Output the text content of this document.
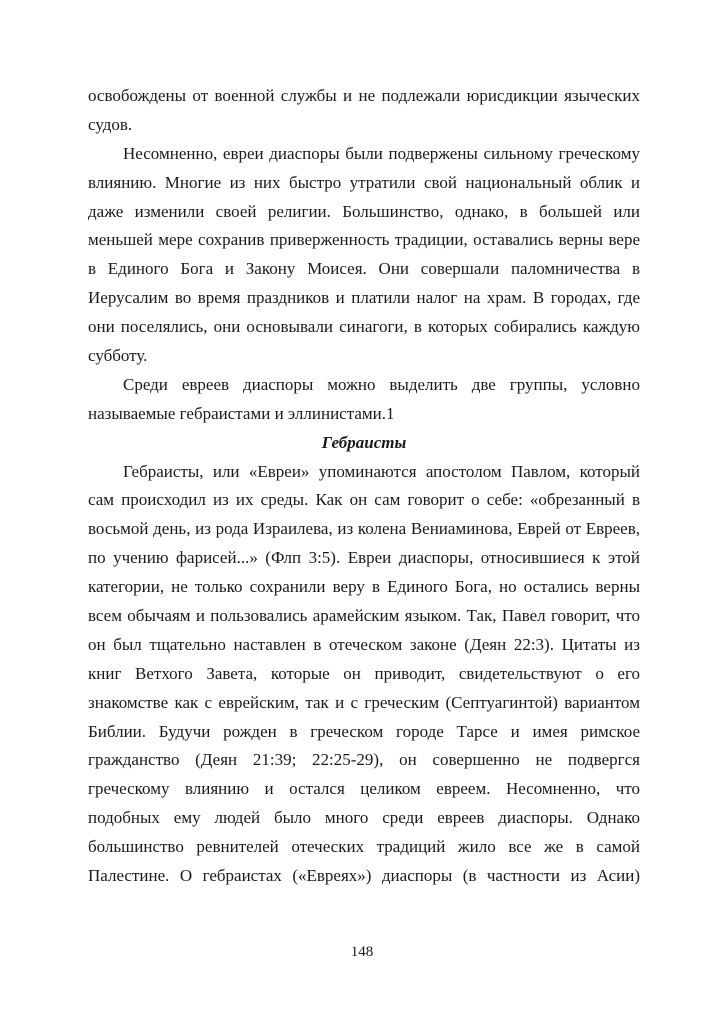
освобождены от военной службы и не подлежали юрисдикции языческих
судов.
Несомненно, евреи диаспоры были подвержены сильному греческому
влиянию. Многие из них быстро утратили свой национальный облик и
даже изменили своей религии. Большинство, однако, в большей или
меньшей мере сохранив приверженность традиции, оставались верны вере
в Единого Бога и Закону Моисея. Они совершали паломничества в
Иерусалим во время праздников и платили налог на храм. В городах, где
они поселялись, они основывали синагоги, в которых собирались каждую
субботу.
Среди евреев диаспоры можно выделить две группы, условно
называемые гебраистами и эллинистами.1
Гебраисты
Гебраисты, или «Евреи» упоминаются апостолом Павлом, который
сам происходил из их среды. Как он сам говорит о себе: «обрезанный в
восьмой день, из рода Израилева, из колена Вениаминова, Еврей от Евреев,
по учению фарисей...» (Флп 3:5). Евреи диаспоры, относившиеся к этой
категории, не только сохранили веру в Единого Бога, но остались верны
всем обычаям и пользовались арамейским языком. Так, Павел говорит, что
он был тщательно наставлен в отеческом законе (Деян 22:3). Цитаты из
книг Ветхого Завета, которые он приводит, свидетельствуют о его
знакомстве как с еврейским, так и с греческим (Септуагинтой) вариантом
Библии. Будучи рожден в греческом городе Тарсе и имея римское
гражданство (Деян 21:39; 22:25-29), он совершенно не подвергся
греческому влиянию и остался целиком евреем. Несомненно, что
подобных ему людей было много среди евреев диаспоры. Однако
большинство ревнителей отеческих традиций жило все же в самой
Палестине. О гебраистах («Евреях») диаспоры (в частности из Асии)
148
